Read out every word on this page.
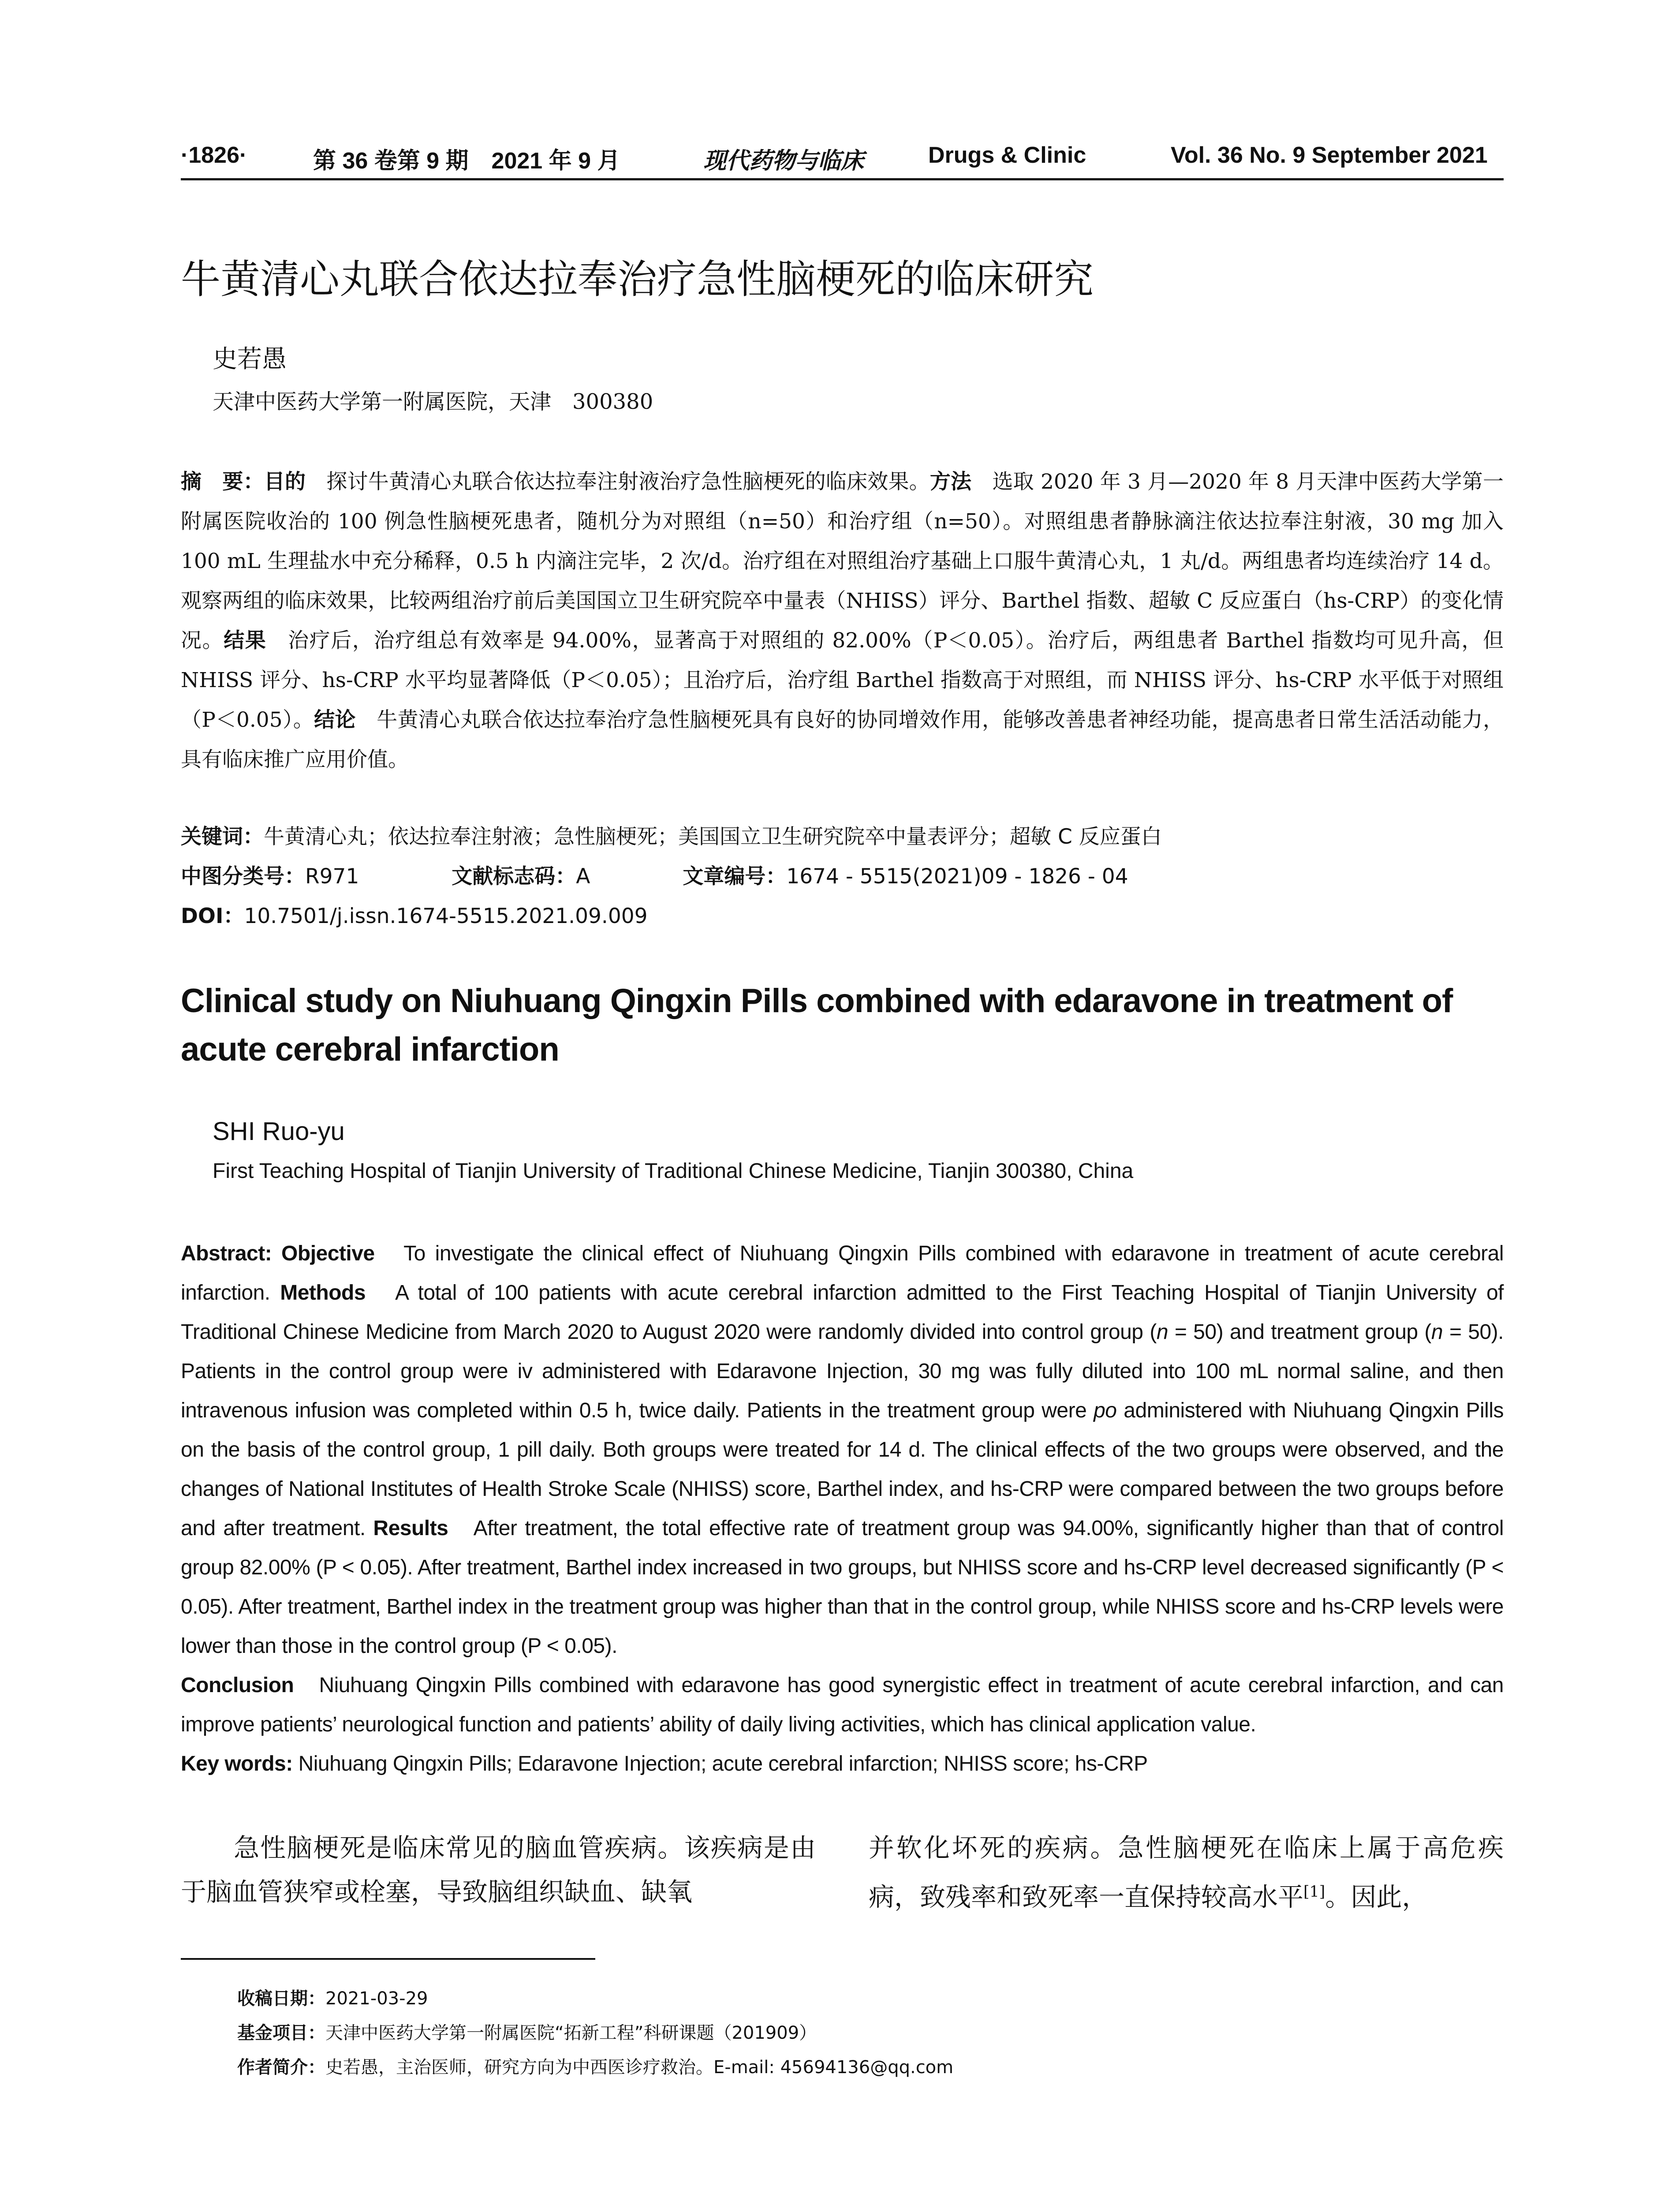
·1826·	第 36 卷第 9 期　2021 年 9 月	现代药物与临床	Drugs & Clinic	Vol. 36 No. 9 September 2021
牛黄清心丸联合依达拉奉治疗急性脑梗死的临床研究
史若愚
天津中医药大学第一附属医院，天津　300380
摘　要：目的　探讨牛黄清心丸联合依达拉奉注射液治疗急性脑梗死的临床效果。方法　选取 2020 年 3 月—2020 年 8 月天津中医药大学第一附属医院收治的 100 例急性脑梗死患者，随机分为对照组（n=50）和治疗组（n=50）。对照组患者静脉滴注依达拉奉注射液，30 mg 加入 100 mL 生理盐水中充分稀释，0.5 h 内滴注完毕，2 次/d。治疗组在对照组治疗基础上口服牛黄清心丸，1 丸/d。两组患者均连续治疗 14 d。观察两组的临床效果，比较两组治疗前后美国国立卫生研究院卒中量表（NHISS）评分、Barthel 指数、超敏 C 反应蛋白（hs-CRP）的变化情况。结果　治疗后，治疗组总有效率是 94.00%，显著高于对照组的 82.00%（P＜0.05）。治疗后，两组患者 Barthel 指数均可见升高，但 NHISS 评分、hs-CRP 水平均显著降低（P＜0.05）；且治疗后，治疗组 Barthel 指数高于对照组，而 NHISS 评分、hs-CRP 水平低于对照组（P＜0.05）。结论　牛黄清心丸联合依达拉奉治疗急性脑梗死具有良好的协同增效作用，能够改善患者神经功能，提高患者日常生活活动能力，具有临床推广应用价值。
关键词：牛黄清心丸；依达拉奉注射液；急性脑梗死；美国国立卫生研究院卒中量表评分；超敏 C 反应蛋白
中图分类号：R971	文献标志码：A	文章编号：1674 - 5515(2021)09 - 1826 - 04
DOI：10.7501/j.issn.1674-5515.2021.09.009
Clinical study on Niuhuang Qingxin Pills combined with edaravone in treatment of acute cerebral infarction
SHI Ruo-yu
First Teaching Hospital of Tianjin University of Traditional Chinese Medicine, Tianjin 300380, China
Abstract: Objective　To investigate the clinical effect of Niuhuang Qingxin Pills combined with edaravone in treatment of acute cerebral infarction. Methods　A total of 100 patients with acute cerebral infarction admitted to the First Teaching Hospital of Tianjin University of Traditional Chinese Medicine from March 2020 to August 2020 were randomly divided into control group (n = 50) and treatment group (n = 50). Patients in the control group were iv administered with Edaravone Injection, 30 mg was fully diluted into 100 mL normal saline, and then intravenous infusion was completed within 0.5 h, twice daily. Patients in the treatment group were po administered with Niuhuang Qingxin Pills on the basis of the control group, 1 pill daily. Both groups were treated for 14 d. The clinical effects of the two groups were observed, and the changes of National Institutes of Health Stroke Scale (NHISS) score, Barthel index, and hs-CRP were compared between the two groups before and after treatment. Results　After treatment, the total effective rate of treatment group was 94.00%, significantly higher than that of control group 82.00% (P < 0.05). After treatment, Barthel index increased in two groups, but NHISS score and hs-CRP level decreased significantly (P < 0.05). After treatment, Barthel index in the treatment group was higher than that in the control group, while NHISS score and hs-CRP levels were lower than those in the control group (P < 0.05).
Conclusion　Niuhuang Qingxin Pills combined with edaravone has good synergistic effect in treatment of acute cerebral infarction, and can improve patients’ neurological function and patients’ ability of daily living activities, which has clinical application value.
Key words: Niuhuang Qingxin Pills; Edaravone Injection; acute cerebral infarction; NHISS score; hs-CRP
　　急性脑梗死是临床常见的脑血管疾病。该疾病是由于脑血管狭窄或栓塞，导致脑组织缺血、缺氧
并软化坏死的疾病。急性脑梗死在临床上属于高危疾病，致残率和致死率一直保持较高水平[1]。因此，
收稿日期：2021-03-29
基金项目：天津中医药大学第一附属医院“拓新工程”科研课题（201909）
作者简介：史若愚，主治医师，研究方向为中西医诊疗救治。E-mail: 45694136@qq.com
